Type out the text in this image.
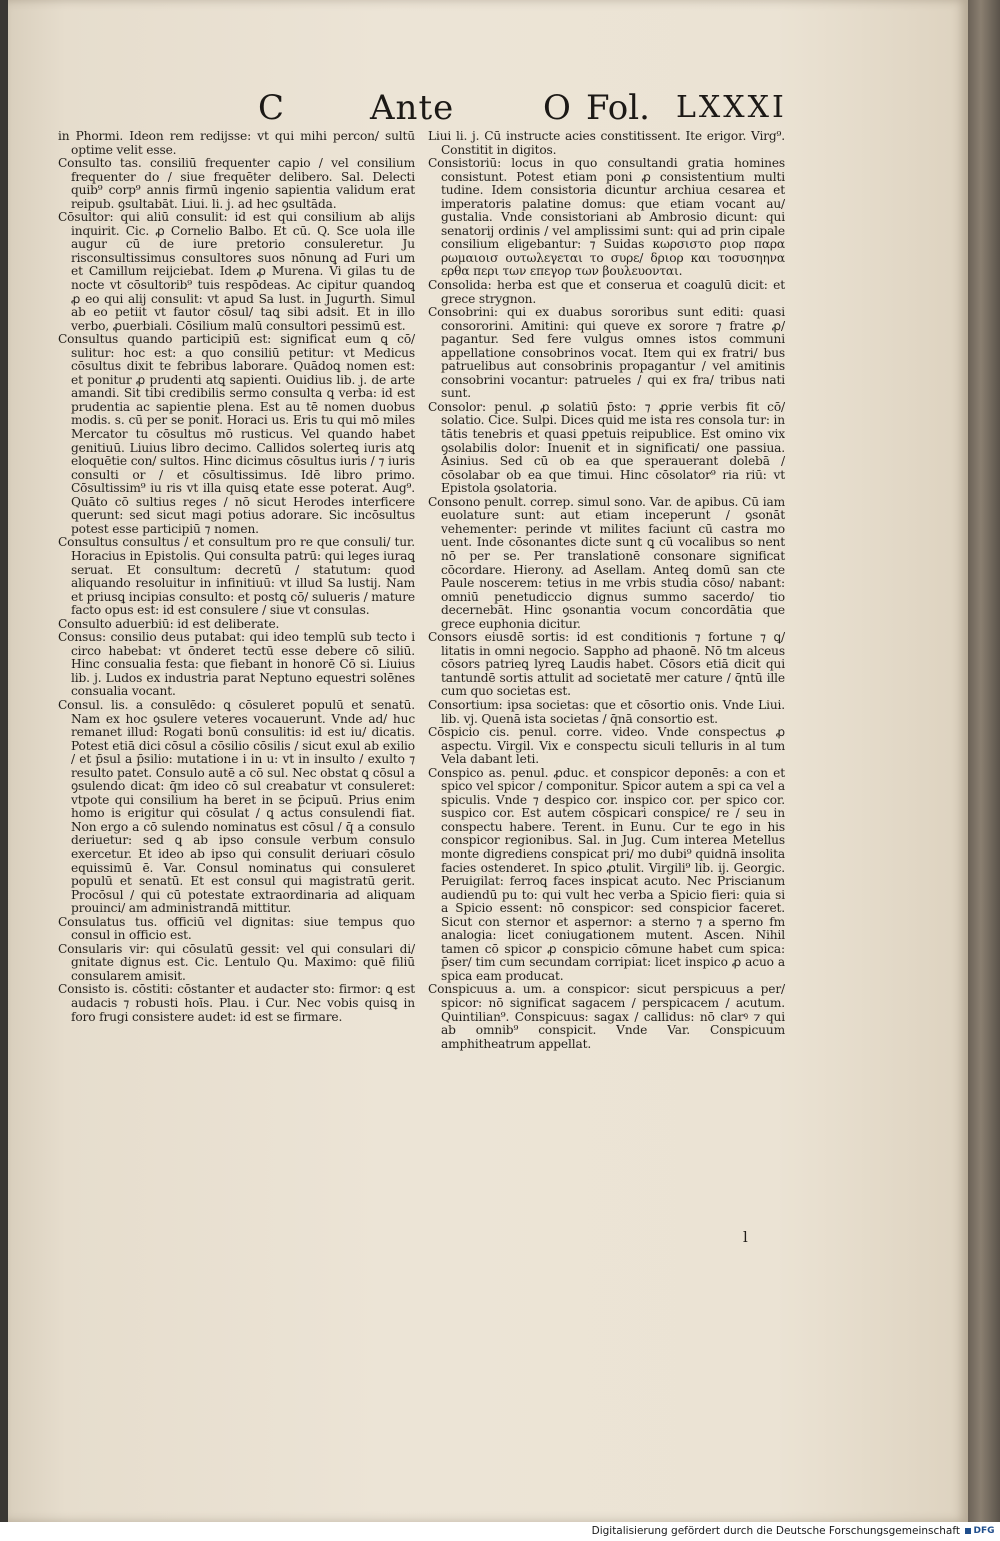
C	Ante	O Fol. LXXXI

in Phormi. Ideon rem redijsse: vt qui mihi percon/ sultū optime velit esse.

Consulto tas. consiliū frequenter capio / vel consilium frequenter do / siue frequēter delibero. Sal. Delecti quib⁹ corp⁹ annis firmū ingenio sapientia validum erat reipub. ꝯsultabāt. Liui. li. j. ad hec ꝯsultāda.

Cōsultor: qui aliū consulit: id est qui consilium ab alijs inquirit. Cic. ꝓ Cornelio Balbo. Et cū. Q. Sce uola ille augur cū de iure pretorio consuleretur. Ju risconsultissimus consultores suos nōnunꝗ ad Furi um et Camillum reijciebat. Idem ꝓ Murena. Vi gilas tu de nocte vt cōsultorib⁹ tuis respōdeas. Ac cipitur quandoꝗ ꝓ eo qui alij consulit: vt apud Sa lust. in Jugurth. Simul ab eo petiit vt fautor cōsul/ taꝗ sibi adsit. Et in illo verbo, ꝓuerbiali. Cōsilium malū consultori pessimū est.

Consultus quando participiū est: significat eum ꝗ cō/ sulitur: hoc est: a quo consiliū petitur: vt Medicus cōsultus dixit te febribus laborare. Quādoꝗ nomen est: et ponitur ꝓ prudenti atꝗ sapienti. Ouidius lib. j. de arte amandi. Sit tibi credibilis sermo consulta ꝗ verba: id est prudentia ac sapientie plena. Est au tē nomen duobus modis. s. cū per se ponit. Horaci us. Eris tu qui mō miles Mercator tu cōsultus mō rusticus. Vel quando habet genitiuū. Liuius libro decimo. Callidos solerteꝗ iuris atꝗ eloquētie con/ sultos. Hinc dicimus cōsultus iuris / ⁊ iuris consulti or / et cōsultissimus. Idē libro primo. Cōsultissim⁹ iu ris vt illa quisꝗ etate esse poterat. Aug⁹. Quāto cō sultius reges / nō sicut Herodes interficere querunt: sed sicut magi potius adorare. Sic incōsultus potest esse participiū ⁊ nomen.

Consultus consultus / et consultum pro re que consuli/ tur. Horacius in Epistolis. Qui consulta patrū: qui leges iuraꝗ seruat. Et consultum: decretū / statutum: quod aliquando resoluitur in infinitiuū: vt illud Sa lustij. Nam et priusꝗ incipias consulto: et postꝗ cō/ sulueris / mature facto opus est: id est consulere / siue vt consulas.

Consulto aduerbiū: id est deliberate.

Consus: consilio deus putabat: qui ideo templū sub tecto i circo habebat: vt ōnderet tectū esse debere cō siliū. Hinc consualia festa: que fiebant in honorē Cō si. Liuius lib. j. Ludos ex industria parat Neptuno equestri solēnes consualia vocant.

Consul. lis. a consulēdo: ꝗ cōsuleret populū et senatū. Nam ex hoc ꝯsulere veteres vocauerunt. Vnde ad/ huc remanet illud: Rogati bonū consulitis: id est iu/ dicatis. Potest etiā dici cōsul a cōsilio cōsilis / sicut exul ab exilio / et p̄sul a p̄silio: mutatione i in u: vt in insulto / exulto ⁊ resulto patet. Consulo autē a cō sul. Nec obstat ꝗ cōsul a ꝯsulendo dicat: q̄m ideo cō sul creabatur vt consuleret: vtpote qui consilium ha beret in se p̄cipuū. Prius enim homo is erigitur qui cōsulat / ꝗ actus consulendi fiat. Non ergo a cō sulendo nominatus est cōsul / q̄ a consulo deriuetur: sed ꝗ ab ipso consule verbum consulo exercetur. Et ideo ab ipso qui consulit deriuari cōsulo equissimū ē. Var. Consul nominatus qui consuleret populū et senatū. Et est consul qui magistratū gerit. Procōsul / qui cū potestate extraordinaria ad aliquam prouinci/ am administrandā mittitur.

Consulatus tus. officiū vel dignitas: siue tempus quo consul in officio est.

Consularis vir: qui cōsulatū gessit: vel qui consulari di/ gnitate dignus est. Cic. Lentulo Qu. Maximo: quē filiū consularem amisit.

Consisto is. cōstiti: cōstanter et audacter sto: firmor: ꝗ est audacis ⁊ robusti hoīs. Plau. i Cur. Nec vobis quisꝗ in foro frugi consistere audet: id est se firmare.

Liui li. j. Cū instructe acies constitissent. Ite erigor. Virg⁹. Constitit in digitos.

Consistoriū: locus in quo consultandi gratia homines consistunt. Potest etiam poni ꝓ consistentium multi tudine. Idem consistoria dicuntur archiua cesarea et imperatoris palatine domus: que etiam vocant au/ gustalia. Vnde consistoriani ab Ambrosio dicunt: qui senatorij ordinis / vel amplissimi sunt: qui ad prin cipale consilium eligebantur: ⁊ Suidas κωρσιστο ριορ παρα ρωμαιοισ ουτωλεγεται το συρε/ δριορ και τοσυσηηνα ερθα περι των επεγορ των βουλευονται.

Consolida: herba est que et conserua et coagulū dicit: et grece strygnon.

Consobrini: qui ex duabus sororibus sunt editi: quasi consororini. Amitini: qui queve ex sorore ⁊ fratre ꝓ/ pagantur. Sed fere vulgus omnes istos communi appellatione consobrinos vocat. Item qui ex fratri/ bus patruelibus aut consobrinis propagantur / vel amitinis consobrini vocantur: patrueles / qui ex fra/ tribus nati sunt.

Consolor: penul. ꝓ solatiū p̄sto: ⁊ ꝓprie verbis fit cō/ solatio. Cice. Sulpi. Dices quid me ista res consola tur: in tātis tenebris et quasi ꝑpetuis reipublice. Est omino vix ꝯsolabilis dolor: Inuenit et in significati/ one passiua. Asinius. Sed cū ob ea que sperauerant dolebā / cōsolabar ob ea que timui. Hinc cōsolator⁹ ria riū: vt Epistola ꝯsolatoria.

Consono penult. correp. simul sono. Var. de apibus. Cū iam euolature sunt: aut etiam inceperunt / ꝯsonāt vehementer: perinde vt milites faciunt cū castra mo uent. Inde cōsonantes dicte sunt ꝗ cū vocalibus so nent nō per se. Per translationē consonare significat cōcordare. Hierony. ad Asellam. Anteꝗ domū san cte Paule noscerem: tetius in me vrbis studia cōso/ nabant: omniū penetudiccio dignus summo sacerdo/ tio decernebāt. Hinc ꝯsonantia vocum concordātia que grece euphonia dicitur.

Consors eiusdē sortis: id est conditionis ⁊ fortune ⁊ ꝗ/ litatis in omni negocio. Sappho ad phaonē. Nō tm alceus cōsors patrieꝗ lyreꝗ Laudis habet. Cōsors etiā dicit qui tantundē sortis attulit ad societatē mer cature / q̄ntū ille cum quo societas est.

Consortium: ipsa societas: que et cōsortio onis. Vnde Liui. lib. vj. Quenā ista societas / q̄nā consortio est.

Cōspicio cis. penul. corre. video. Vnde conspectus ꝓ aspectu. Virgil. Vix e conspectu siculi telluris in al tum Vela dabant leti.

Conspico as. penul. ꝓduc. et conspicor deponēs: a con et spico vel spicor / componitur. Spicor autem a spi ca vel a spiculis. Vnde ⁊ despico cor. inspico cor. per spico cor. suspico cor. Est autem cōspicari conspice/ re / seu in conspectu habere. Terent. in Eunu. Cur te ego in his conspicor regionibus. Sal. in Jug. Cum interea Metellus monte digrediens conspicat pri/ mo dubi⁹ quidnā insolita facies ostenderet. In spico ꝓtulit. Virgili⁹ lib. ij. Georgic. Peruigilat: ferroꝗ faces inspicat acuto. Nec Priscianum audiendū pu to: qui vult hec verba a Spicio fieri: quia si a Spicio essent: nō conspicor: sed conspicior faceret. Sicut con sternor et aspernor: a sterno ⁊ a sperno fm analogia: licet coniugationem mutent. Ascen. Nihil tamen cō spicor ꝓ conspicio cōmune habet cum spica: p̄ser/ tim cum secundam corripiat: licet inspico ꝓ acuo a spica eam producat.

Conspicuus a. um. a conspicor: sicut perspicuus a per/ spicor: nō significat sagacem / perspicacem / acutum. Quintilian⁹. Conspicuus: sagax / callidus: nō clarꝰ ⁊ qui ab omnib⁹ conspicit. Vnde Var. Conspicuum amphitheatrum appellat.

l
Digitalisierung gefördert durch die Deutsche Forschungsgemeinschaft	DFG
